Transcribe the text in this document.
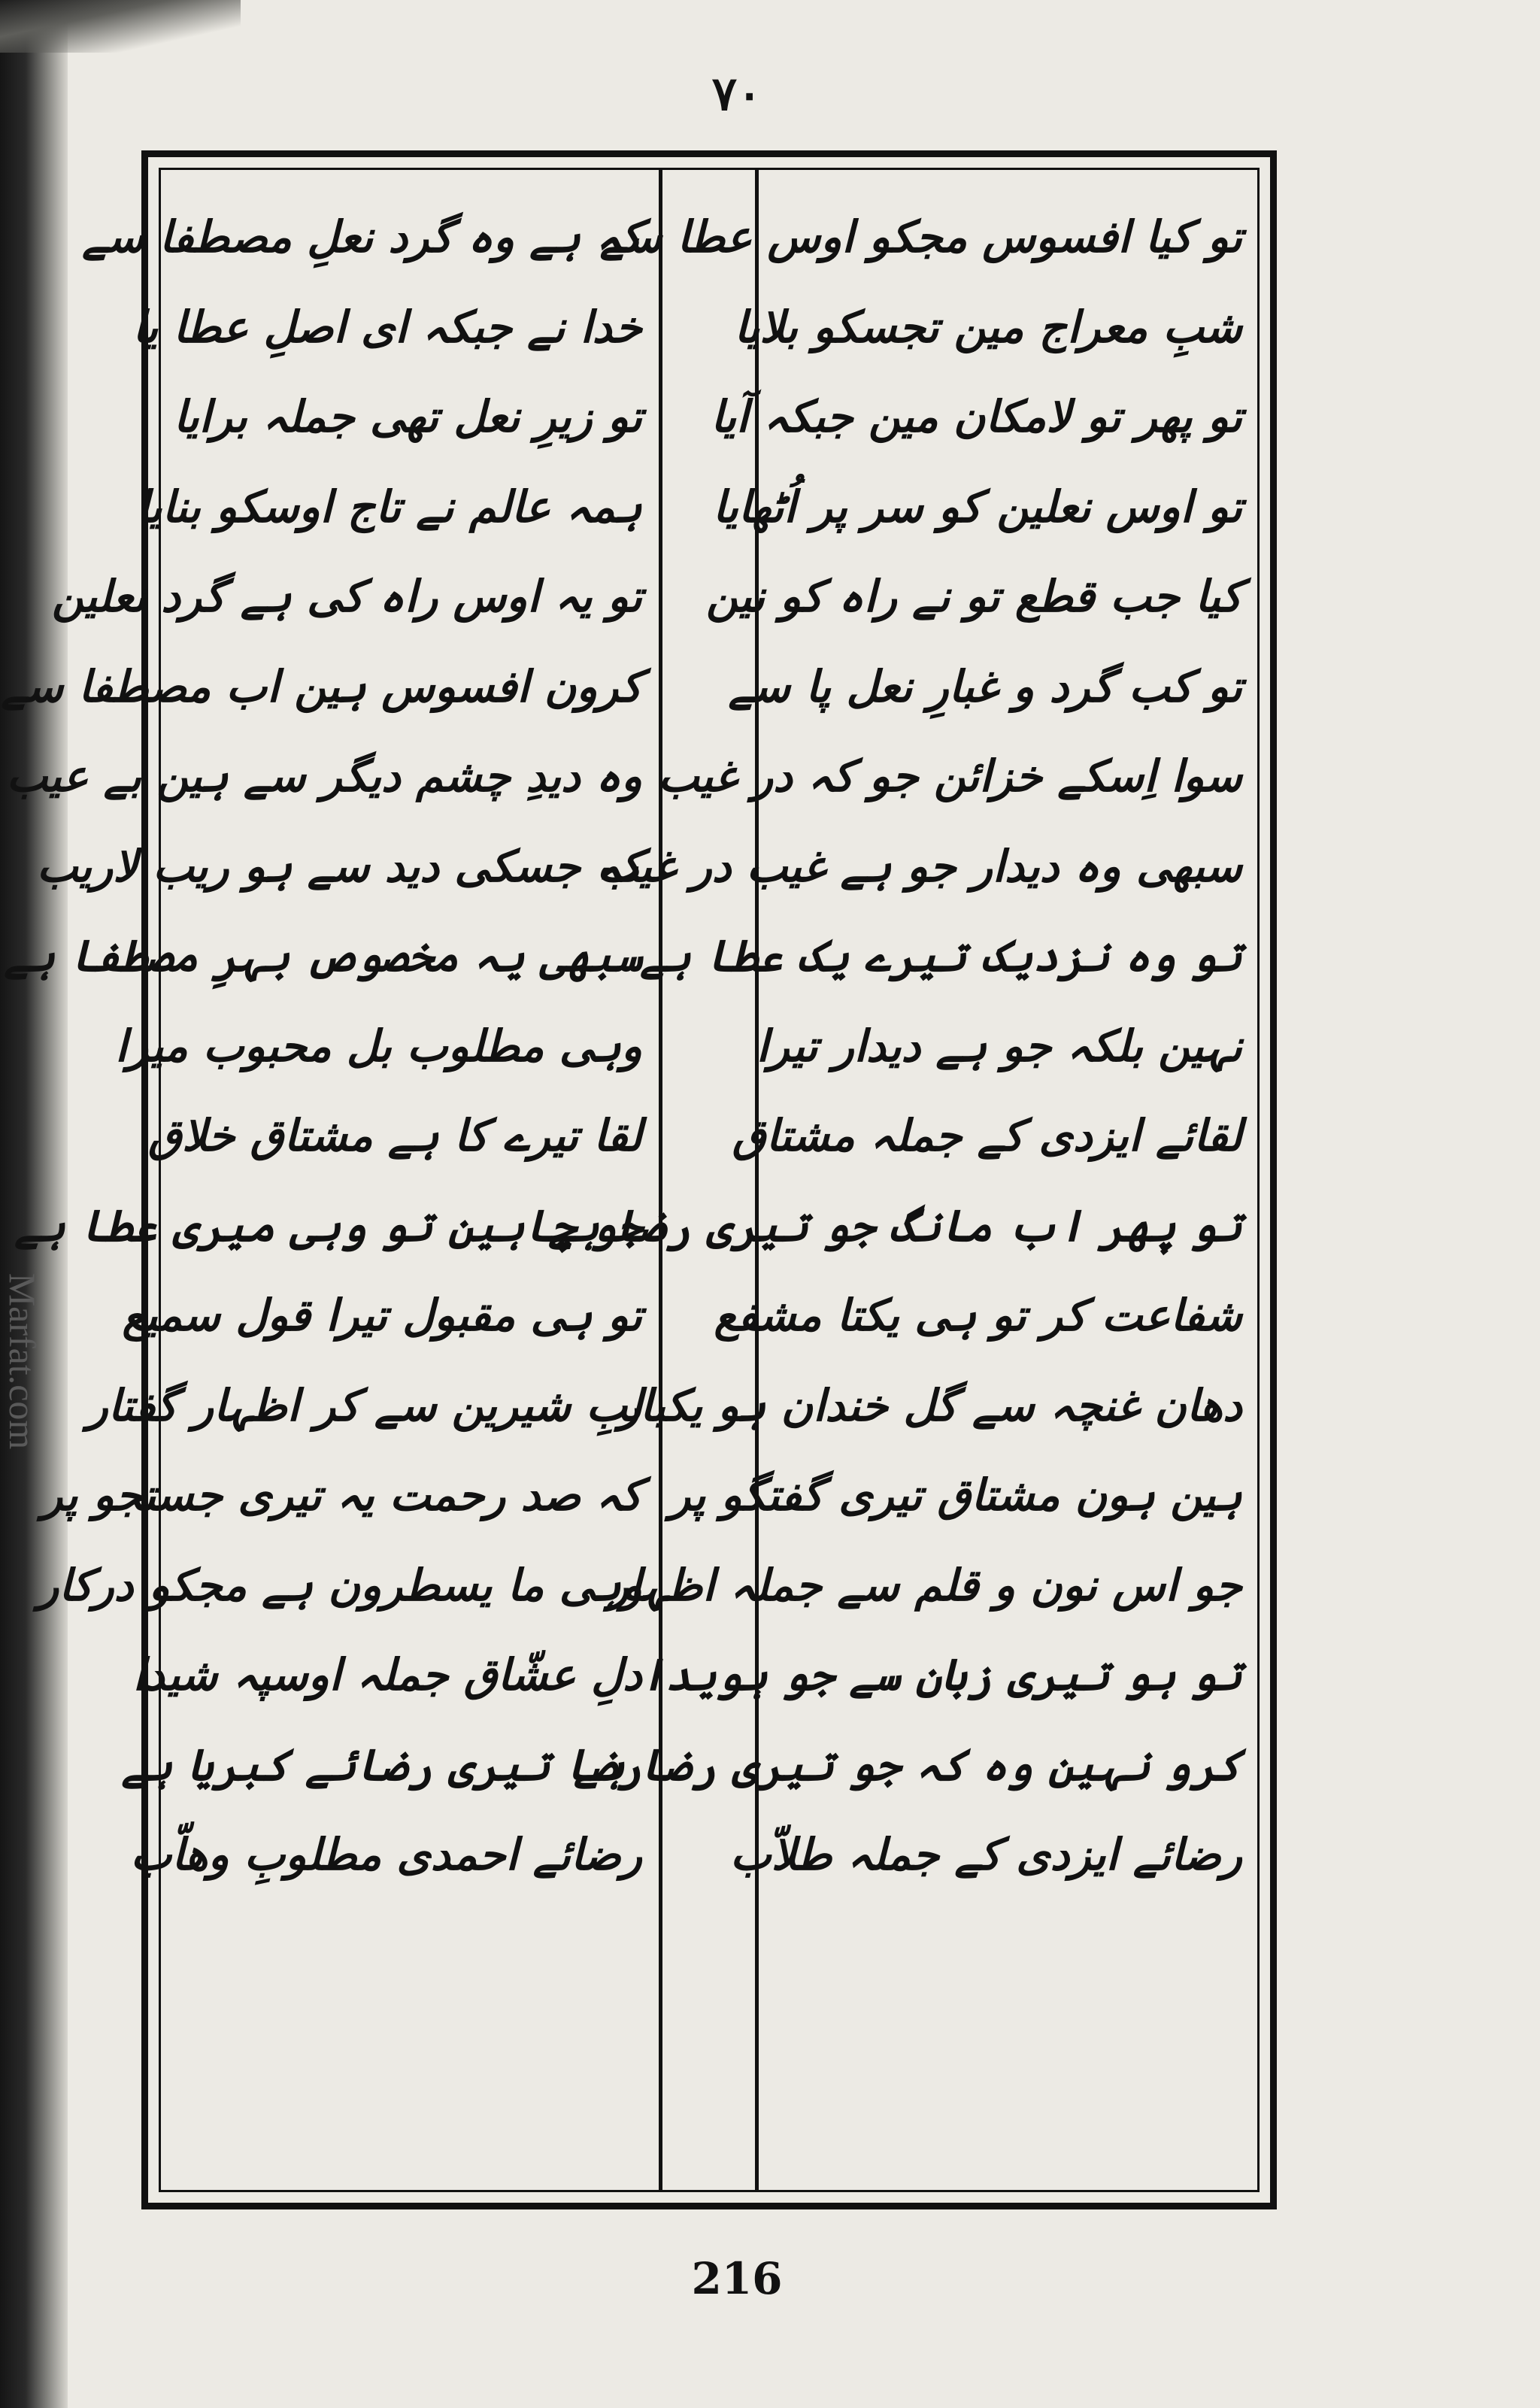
Marfat.com
۷۰
تو کیا افسوس مجکو اوس عطا سے
شبِ معراج مین تجسکو بلایا
تو پھر تو لامکان مین جبکہ آیا
تو اوس نعلین کو سر پر اُٹھایا
کیا جب قطع تو نے راہ کو نین
تو کب گرد و غبارِ نعل پا سے
سوا اِسکے خزائن جو کہ در غیب
سبھی وہ دیدار جو ہے غیب در غیب
تو وہ نزدیک تیرے یک عطا ہے
نہین بلکہ جو ہے دیدار تیرا
لقائے ایزدی کے جملہ مشتاق
تو پھر اب مانگ جو تیری رضا ہے
شفاعت کر تو ہی یکتا مشفع
دھان غنچہ سے گل خندان ہو یکبار
ہین ہون مشتاق تیری گفتگو پر
جو اس نون و قلم سے جملہ اظہار
تو ہو تیری زبان سے جو ہویدا
کرو نہین وہ کہ جو تیری رضا ہے
رضائے ایزدی کے جملہ طلاّب
کہ ہے وہ گرد نعلِ مصطفا سے
خدا نے جبکہ ای اصلِ عطا یا
تو زیرِ نعل تھی جملہ برایا
ہمہ عالم نے تاج اوسکو بنایا
تو یہ اوس راہ کی ہے گرد نعلین
کرون افسوس ہین اب مصطفا سے
وہ دیدِ چشم دیگر سے ہین بے عیب
کہ جسکی دید سے ہو ریب لاریب
سبھی یہ مخصوص بہرِ مصطفا ہے
وہی مطلوب بل محبوب میرا
لقا تیرے کا ہے مشتاق خلاق
جو چاہین تو وہی میری عطا ہے
تو ہی مقبول تیرا قول سمیع
لبِ شیرین سے کر اظہار گفتار
کہ صد رحمت یہ تیری جستجو پر
وہی ما یسطرون ہے مجکو درکار
دلِ عشّاق جملہ اوسپہ شیدا
رضا تیری رضائے کبریا ہے
رضائے احمدی مطلوبِ وھاّب
216
